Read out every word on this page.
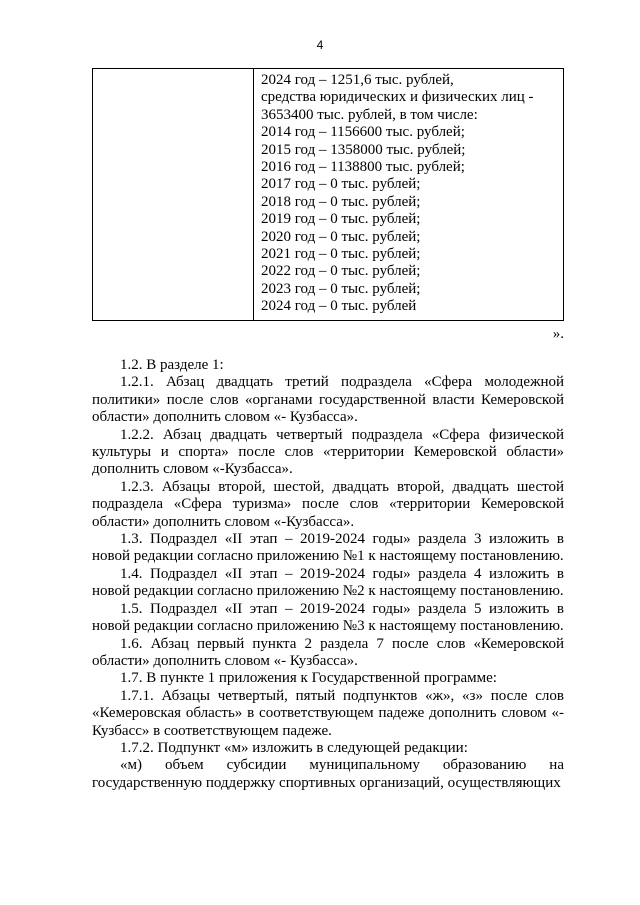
4

2024 год – 1251,6 тыс. рублей,
средства юридических и физических лиц -
3653400 тыс. рублей, в том числе:
2014 год – 1156600 тыс. рублей;
2015 год – 1358000 тыс. рублей;
2016 год – 1138800 тыс. рублей;
2017 год – 0 тыс. рублей;
2018 год – 0 тыс. рублей;
2019 год – 0 тыс. рублей;
2020 год – 0 тыс. рублей;
2021 год – 0 тыс. рублей;
2022 год – 0 тыс. рублей;
2023 год – 0 тыс. рублей;
2024 год – 0 тыс. рублей
».

1.2. В разделе 1:

1.2.1. Абзац двадцать третий подраздела «Сфера молодежной политики» после слов «органами государственной власти Кемеровской области» дополнить словом «- Кузбасса».

1.2.2. Абзац двадцать четвертый подраздела «Сфера физической культуры и спорта» после слов «территории Кемеровской области» дополнить словом «-Кузбасса».

1.2.3. Абзацы второй, шестой, двадцать второй, двадцать шестой подраздела «Сфера туризма» после слов «территории Кемеровской области» дополнить словом «-Кузбасса».

1.3. Подраздел «II этап – 2019-2024 годы» раздела 3 изложить в новой редакции согласно приложению №1 к настоящему постановлению.

1.4. Подраздел «II этап – 2019-2024 годы» раздела 4 изложить в новой редакции согласно приложению №2 к настоящему постановлению.

1.5. Подраздел «II этап – 2019-2024 годы» раздела 5 изложить в новой редакции согласно приложению №3 к настоящему постановлению.

1.6. Абзац первый пункта 2 раздела 7 после слов «Кемеровской области» дополнить словом «- Кузбасса».

1.7. В пункте 1 приложения к Государственной программе:

1.7.1. Абзацы четвертый, пятый подпунктов «ж», «з» после слов «Кемеровская область» в соответствующем падеже дополнить словом «- Кузбасс» в соответствующем падеже.

1.7.2. Подпункт «м» изложить в следующей редакции:

«м) объем субсидии муниципальному образованию на государственную поддержку спортивных организаций, осуществляющих
